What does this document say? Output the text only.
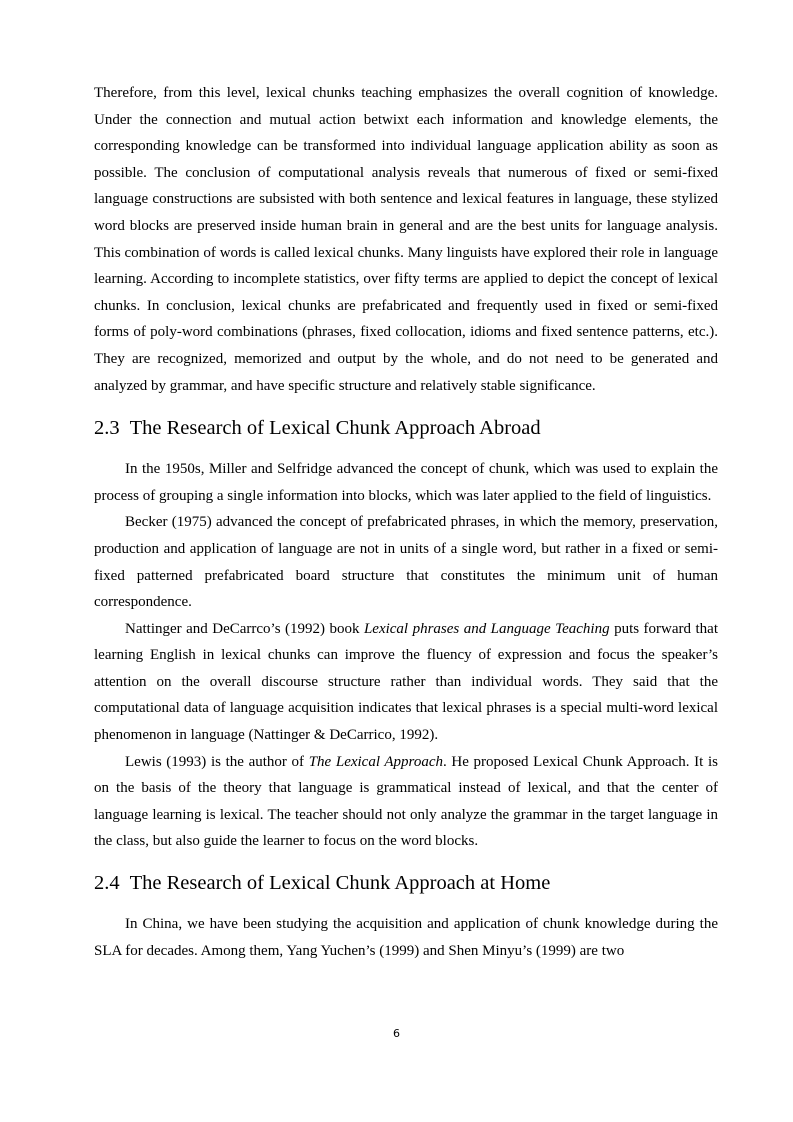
Therefore, from this level, lexical chunks teaching emphasizes the overall cognition of knowledge. Under the connection and mutual action betwixt each information and knowledge elements, the corresponding knowledge can be transformed into individual language application ability as soon as possible. The conclusion of computational analysis reveals that numerous of fixed or semi-fixed language constructions are subsisted with both sentence and lexical features in language, these stylized word blocks are preserved inside human brain in general and are the best units for language analysis. This combination of words is called lexical chunks. Many linguists have explored their role in language learning. According to incomplete statistics, over fifty terms are applied to depict the concept of lexical chunks. In conclusion, lexical chunks are prefabricated and frequently used in fixed or semi-fixed forms of poly-word combinations (phrases, fixed collocation, idioms and fixed sentence patterns, etc.). They are recognized, memorized and output by the whole, and do not need to be generated and analyzed by grammar, and have specific structure and relatively stable significance.

2.3 The Research of Lexical Chunk Approach Abroad

In the 1950s, Miller and Selfridge advanced the concept of chunk, which was used to explain the process of grouping a single information into blocks, which was later applied to the field of linguistics.

Becker (1975) advanced the concept of prefabricated phrases, in which the memory, preservation, production and application of language are not in units of a single word, but rather in a fixed or semi-fixed patterned prefabricated board structure that constitutes the minimum unit of human correspondence.

Nattinger and DeCarrco’s (1992) book Lexical phrases and Language Teaching puts forward that learning English in lexical chunks can improve the fluency of expression and focus the speaker’s attention on the overall discourse structure rather than individual words. They said that the computational data of language acquisition indicates that lexical phrases is a special multi-word lexical phenomenon in language (Nattinger & DeCarrico, 1992).

Lewis (1993) is the author of The Lexical Approach. He proposed Lexical Chunk Approach. It is on the basis of the theory that language is grammatical instead of lexical, and that the center of language learning is lexical. The teacher should not only analyze the grammar in the target language in the class, but also guide the learner to focus on the word blocks.

2.4 The Research of Lexical Chunk Approach at Home

In China, we have been studying the acquisition and application of chunk knowledge during the SLA for decades. Among them, Yang Yuchen’s (1999) and Shen Minyu’s (1999) are two

6
